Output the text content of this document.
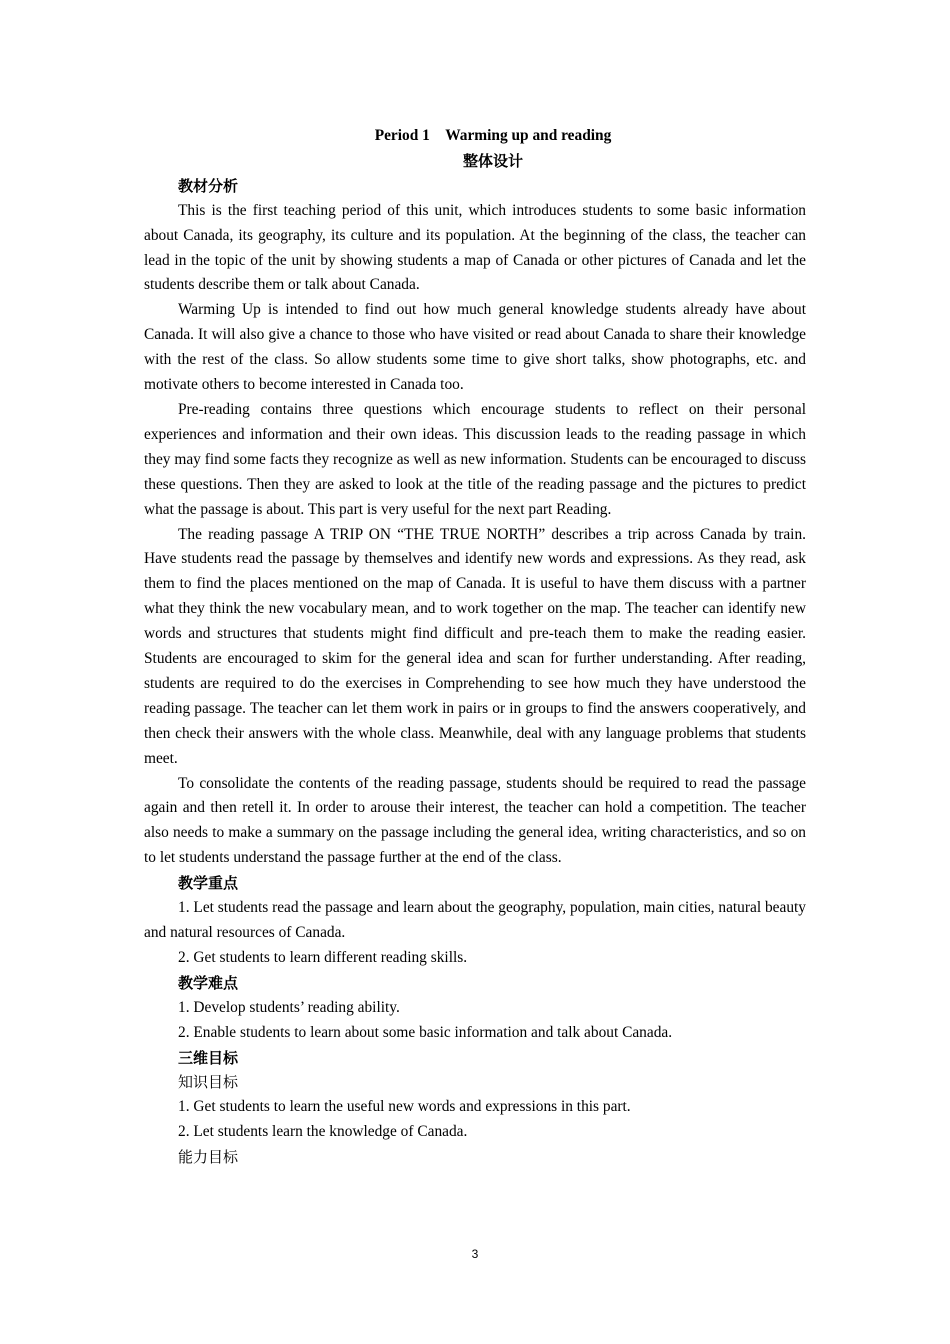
Period 1　Warming up and reading

整体设计

教材分析

This is the first teaching period of this unit, which introduces students to some basic information about Canada, its geography, its culture and its population. At the beginning of the class, the teacher can lead in the topic of the unit by showing students a map of Canada or other pictures of Canada and let the students describe them or talk about Canada.

Warming Up is intended to find out how much general knowledge students already have about Canada. It will also give a chance to those who have visited or read about Canada to share their knowledge with the rest of the class. So allow students some time to give short talks, show photographs, etc. and motivate others to become interested in Canada too.

Pre-reading contains three questions which encourage students to reflect on their personal experiences and information and their own ideas. This discussion leads to the reading passage in which they may find some facts they recognize as well as new information. Students can be encouraged to discuss these questions. Then they are asked to look at the title of the reading passage and the pictures to predict what the passage is about. This part is very useful for the next part Reading.

The reading passage A TRIP ON “THE TRUE NORTH” describes a trip across Canada by train. Have students read the passage by themselves and identify new words and expressions. As they read, ask them to find the places mentioned on the map of Canada. It is useful to have them discuss with a partner what they think the new vocabulary mean, and to work together on the map. The teacher can identify new words and structures that students might find difficult and pre-teach them to make the reading easier. Students are encouraged to skim for the general idea and scan for further understanding. After reading, students are required to do the exercises in Comprehending to see how much they have understood the reading passage. The teacher can let them work in pairs or in groups to find the answers cooperatively, and then check their answers with the whole class. Meanwhile, deal with any language problems that students meet.

To consolidate the contents of the reading passage, students should be required to read the passage again and then retell it. In order to arouse their interest, the teacher can hold a competition. The teacher also needs to make a summary on the passage including the general idea, writing characteristics, and so on to let students understand the passage further at the end of the class.

教学重点

1. Let students read the passage and learn about the geography, population, main cities, natural beauty and natural resources of Canada.

2. Get students to learn different reading skills.

教学难点

1. Develop students’ reading ability.

2. Enable students to learn about some basic information and talk about Canada.

三维目标

知识目标

1. Get students to learn the useful new words and expressions in this part.

2. Let students learn the knowledge of Canada.

能力目标

3
